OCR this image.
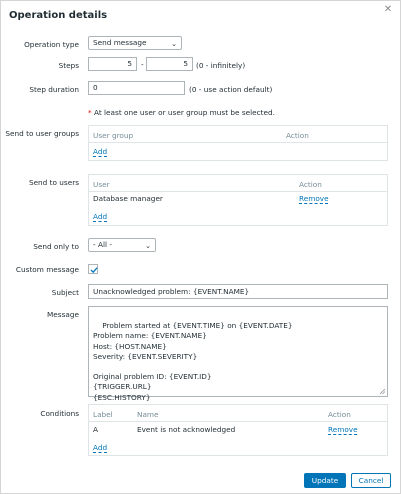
Operation details
✕
Operation type	Send message	⌄
Steps	5	-	5	(0 - infinitely)
Step duration	0	(0 - use action default)
* At least one user or user group must be selected.
Send to user groups User group	Action
Add
Send to users User	Action
Database manager	Remove
Add
Send only to	- All -	⌄
Custom message
Subject	Unacknowledged problem: {EVENT.NAME}
Message

Problem started at {EVENT.TIME} on {EVENT.DATE}
Problem name: {EVENT.NAME}
Host: {HOST.NAME}
Severity: {EVENT.SEVERITY}

Original problem ID: {EVENT.ID}
{TRIGGER.URL}
{ESC.HISTORY}

Conditions Label	Name	Action
A	Event is not acknowledged	Remove
Add
Update	Cancel
